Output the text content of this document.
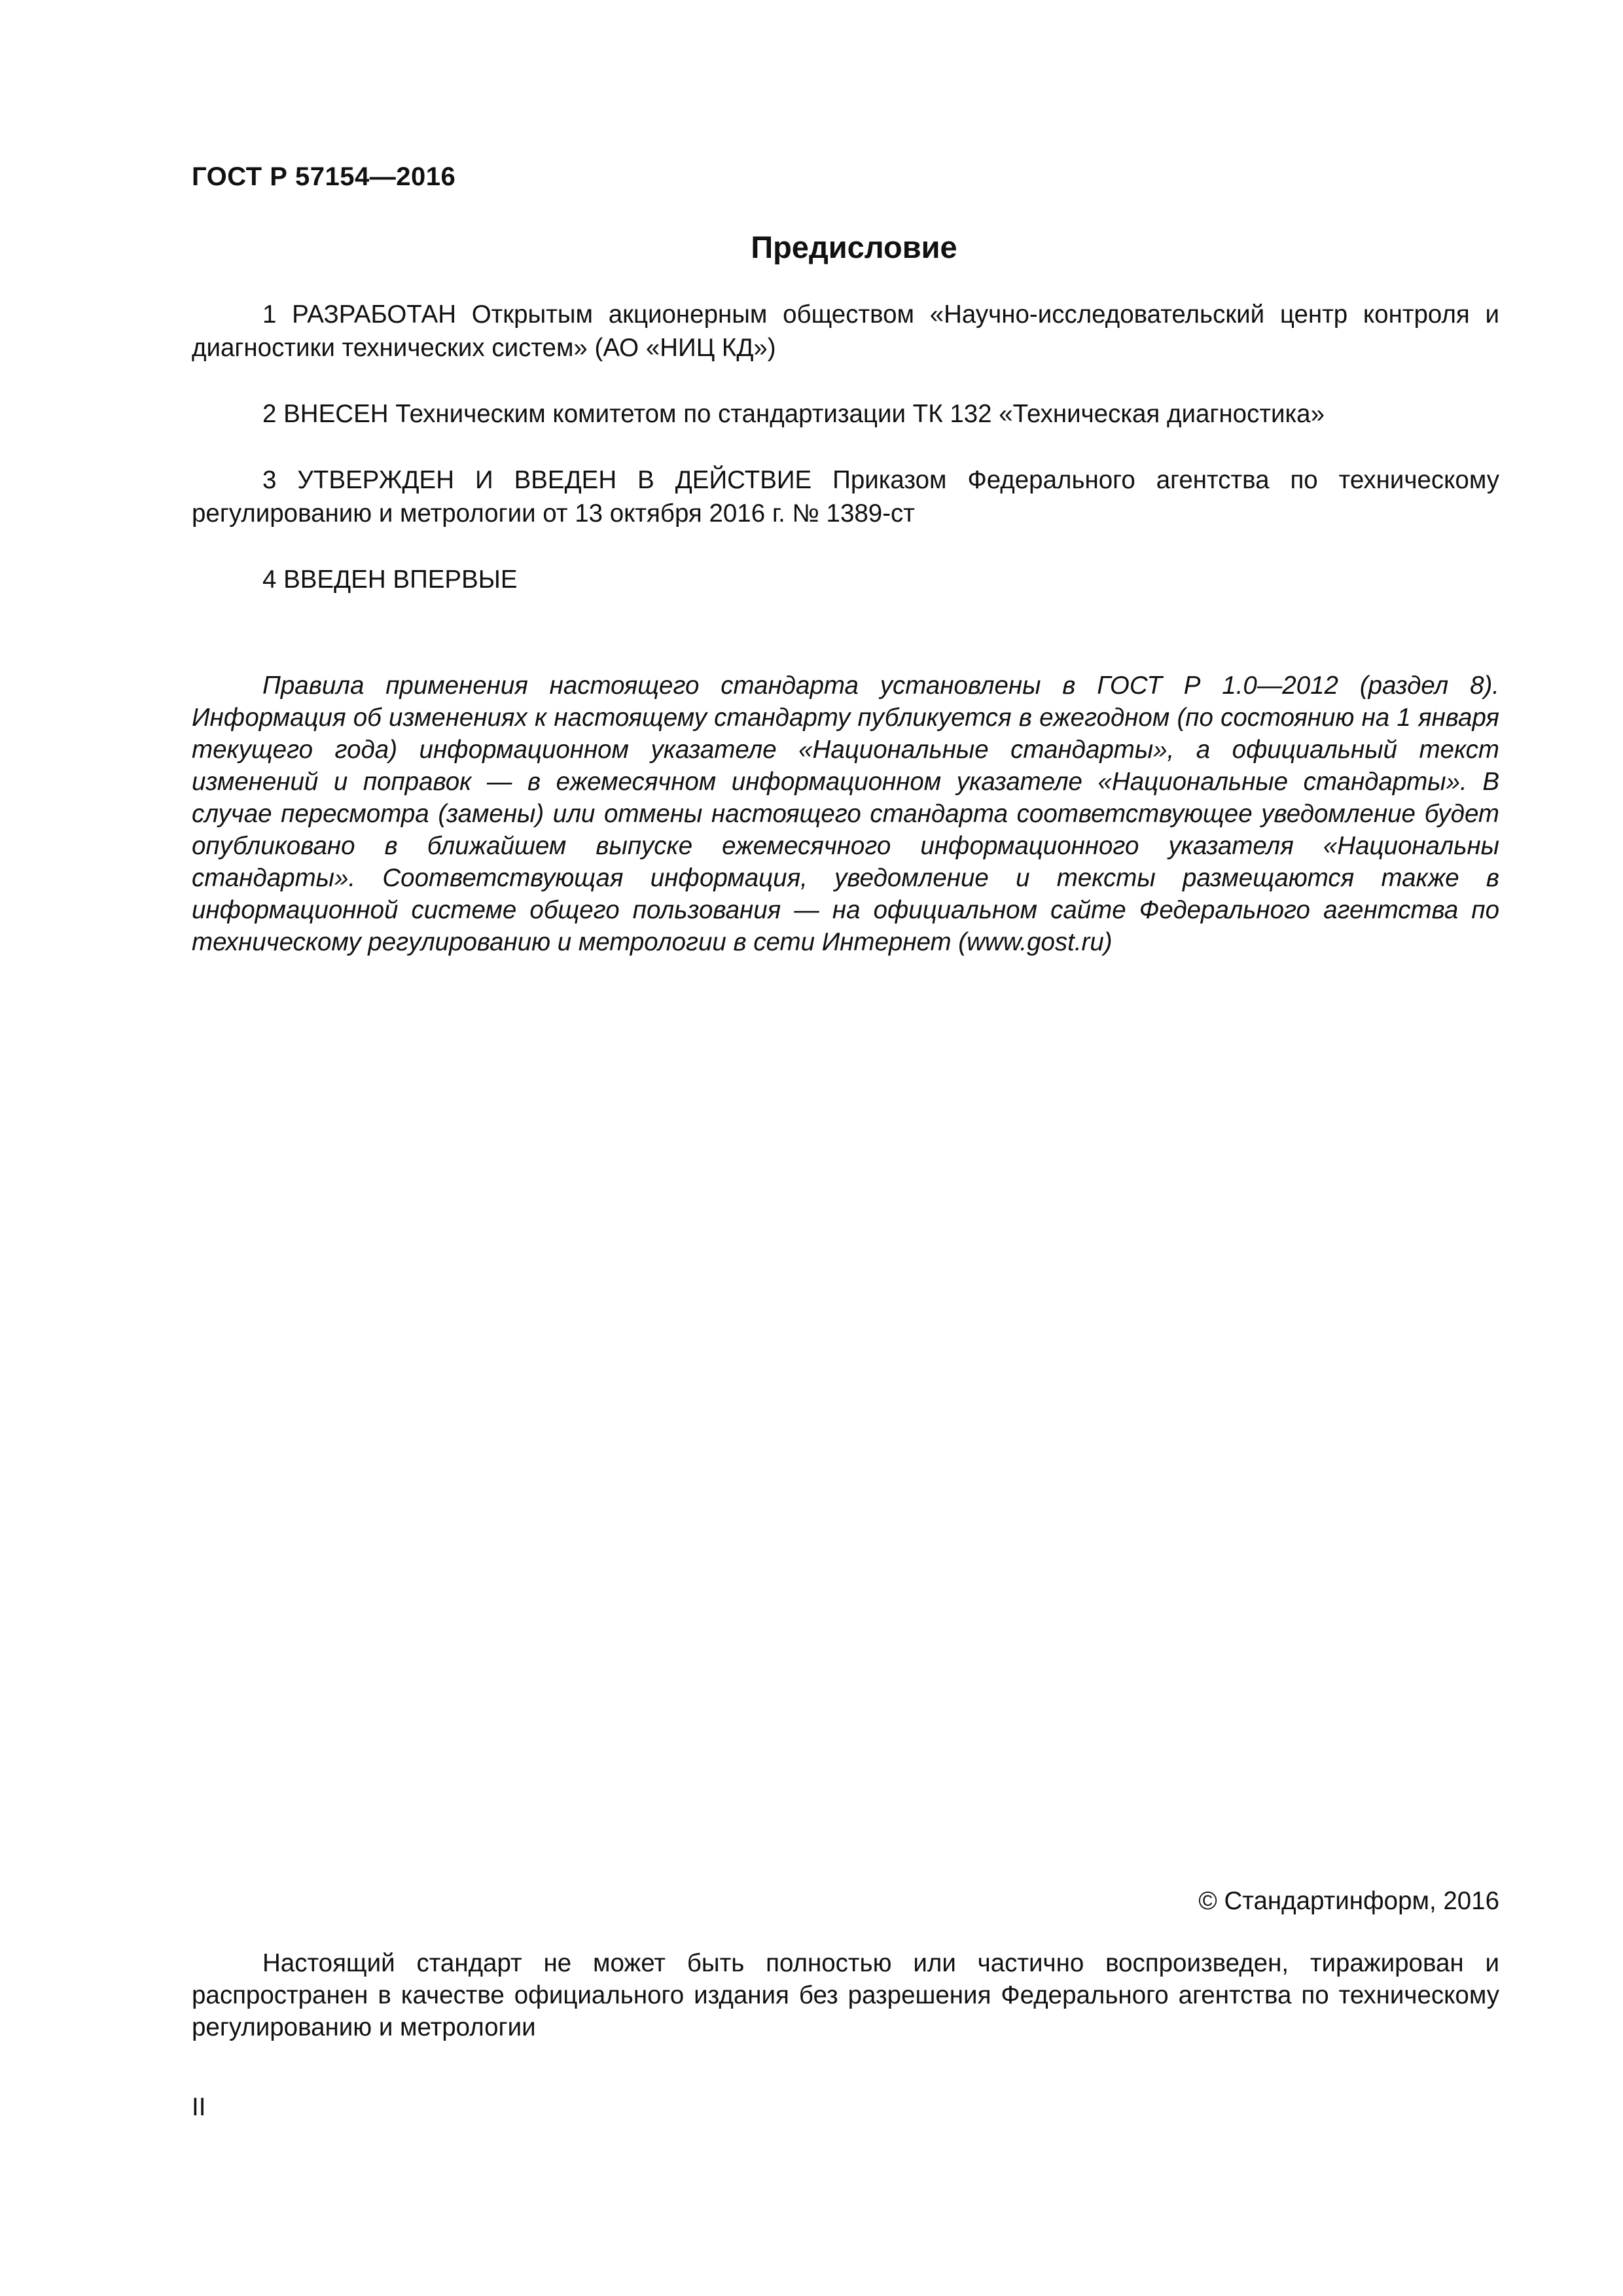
ГОСТ Р 57154—2016
Предисловие

1 РАЗРАБОТАН Открытым акционерным обществом «Научно-исследовательский центр контроля и диагностики технических систем» (АО «НИЦ КД»)

2 ВНЕСЕН Техническим комитетом по стандартизации ТК 132 «Техническая диагностика»

3 УТВЕРЖДЕН И ВВЕДЕН В ДЕЙСТВИЕ Приказом Федерального агентства по техническому регулированию и метрологии от 13 октября 2016 г. № 1389-ст

4 ВВЕДЕН ВПЕРВЫЕ

Правила применения настоящего стандарта установлены в ГОСТ Р 1.0—2012 (раздел 8). Информация об изменениях к настоящему стандарту публикуется в ежегодном (по состоянию на 1 января текущего года) информационном указателе «Национальные стандарты», а официальный текст изменений и поправок — в ежемесячном информационном указателе «Национальные стандарты». В случае пересмотра (замены) или отмены настоящего стандарта соответствующее уведомление будет опубликовано в ближайшем выпуске ежемесячного информационного указателя «Национальны стандарты». Соответствующая информация, уведомление и тексты размещаются также в информационной системе общего пользования — на официальном сайте Федерального агентства по техническому регулированию и метрологии в сети Интернет (www.gost.ru)

© Стандартинформ, 2016

Настоящий стандарт не может быть полностью или частично воспроизведен, тиражирован и распространен в качестве официального издания без разрешения Федерального агентства по техническому регулированию и метрологии

II
